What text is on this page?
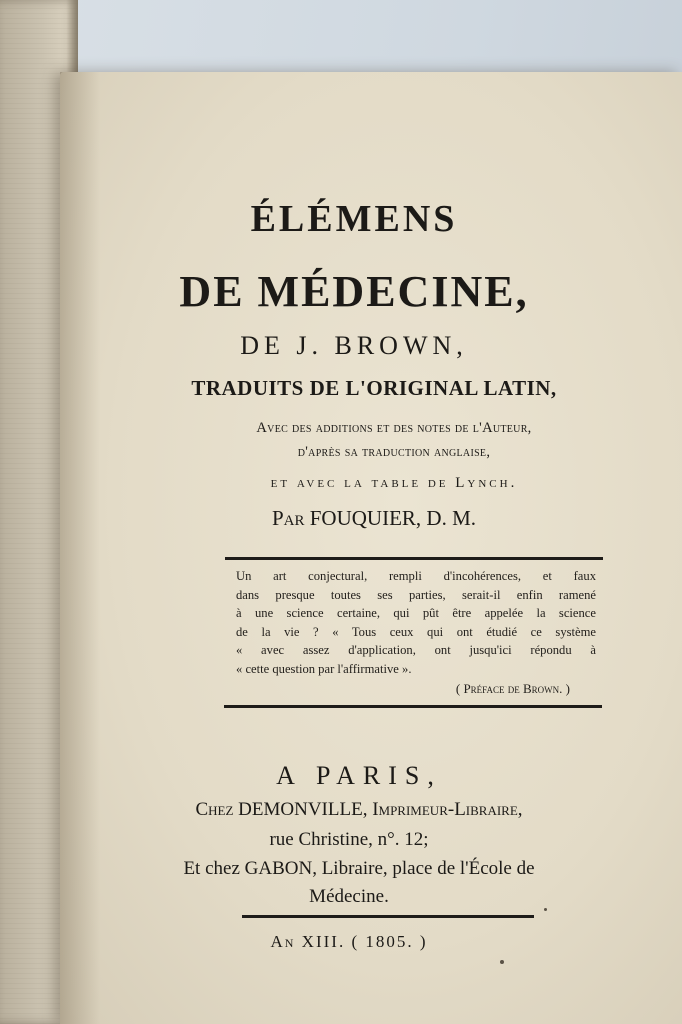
ÉLÉMENS
DE MÉDECINE,
DE J. BROWN,
TRADUITS DE L'ORIGINAL LATIN,
Avec des additions et des notes de l'Auteur,
d'après sa traduction anglaise,
et avec la table de Lynch.
Par FOUQUIER, D. M.
Un art conjectural, rempli d'incohérences, et faux
dans presque toutes ses parties, serait-il enfin ramené
à une science certaine, qui pût être appelée la science
de la vie ? « Tous ceux qui ont étudié ce système
« avec assez d'application, ont jusqu'ici répondu à
« cette question par l'affirmative ».
( Préface de Brown. )
A PARIS,
Chez DEMONVILLE, Imprimeur-Libraire,
rue Christine, n°. 12;
Et chez GABON, Libraire, place de l'École de
Médecine.
An XIII. ( 1805. )
